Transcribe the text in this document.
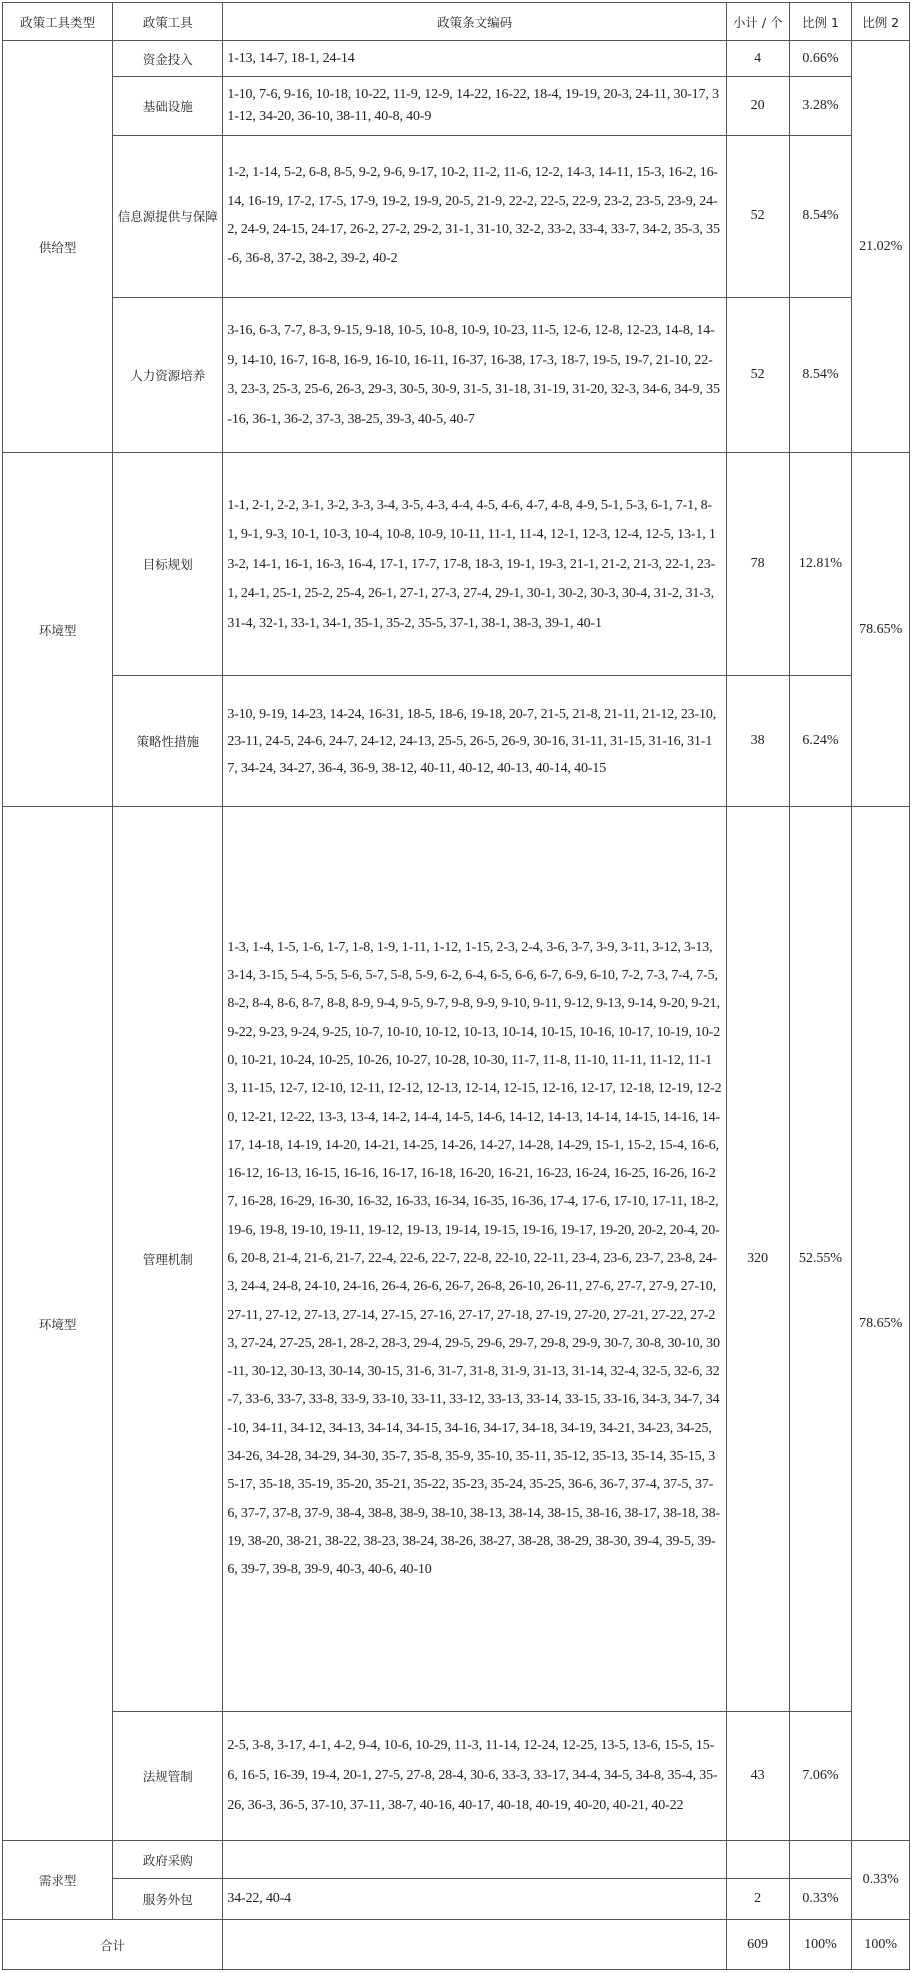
政策工具类型	政策工具	政策条文编码	小计 / 个	比例 1	比例 2
供给型	资金投入	1-13, 14-7, 18-1, 24-14	4	0.66%	21.02%
	基础设施	1-10, 7-6, 9-16, 10-18, 10-22, 11-9, 12-9, 14-22, 16-22, 18-4, 19-19, 20-3, 24-11, 30-17, 31-12, 34-20, 36-10, 38-11, 40-8, 40-9	20	3.28%	
	信息源提供与保障	1-2, 1-14, 5-2, 6-8, 8-5, 9-2, 9-6, 9-17, 10-2, 11-2, 11-6, 12-2, 14-3, 14-11, 15-3, 16-2, 16-14, 16-19, 17-2, 17-5, 17-9, 19-2, 19-9, 20-5, 21-9, 22-2, 22-5, 22-9, 23-2, 23-5, 23-9, 24-2, 24-9, 24-15, 24-17, 26-2, 27-2, 29-2, 31-1, 31-10, 32-2, 33-2, 33-4, 33-7, 34-2, 35-3, 35-6, 36-8, 37-2, 38-2, 39-2, 40-2	52	8.54%	
	人力资源培养	3-16, 6-3, 7-7, 8-3, 9-15, 9-18, 10-5, 10-8, 10-9, 10-23, 11-5, 12-6, 12-8, 12-23, 14-8, 14-9, 14-10, 16-7, 16-8, 16-9, 16-10, 16-11, 16-37, 16-38, 17-3, 18-7, 19-5, 19-7, 21-10, 22-3, 23-3, 25-3, 25-6, 26-3, 29-3, 30-5, 30-9, 31-5, 31-18, 31-19, 31-20, 32-3, 34-6, 34-9, 35-16, 36-1, 36-2, 37-3, 38-25, 39-3, 40-5, 40-7	52	8.54%	
环境型	目标规划	1-1, 2-1, 2-2, 3-1, 3-2, 3-3, 3-4, 3-5, 4-3, 4-4, 4-5, 4-6, 4-7, 4-8, 4-9, 5-1, 5-3, 6-1, 7-1, 8-1, 9-1, 9-3, 10-1, 10-3, 10-4, 10-8, 10-9, 10-11, 11-1, 11-4, 12-1, 12-3, 12-4, 12-5, 13-1, 13-2, 14-1, 16-1, 16-3, 16-4, 17-1, 17-7, 17-8, 18-3, 19-1, 19-3, 21-1, 21-2, 21-3, 22-1, 23-1, 24-1, 25-1, 25-2, 25-4, 26-1, 27-1, 27-3, 27-4, 29-1, 30-1, 30-2, 30-3, 30-4, 31-2, 31-3, 31-4, 32-1, 33-1, 34-1, 35-1, 35-2, 35-5, 37-1, 38-1, 38-3, 39-1, 40-1	78	12.81%	78.65%
	策略性措施	3-10, 9-19, 14-23, 14-24, 16-31, 18-5, 18-6, 19-18, 20-7, 21-5, 21-8, 21-11, 21-12, 23-10, 23-11, 24-5, 24-6, 24-7, 24-12, 24-13, 25-5, 26-5, 26-9, 30-16, 31-11, 31-15, 31-16, 31-17, 34-24, 34-27, 36-4, 36-9, 38-12, 40-11, 40-12, 40-13, 40-14, 40-15	38	6.24%	
环境型	管理机制	1-3, 1-4, 1-5, 1-6, 1-7, 1-8, 1-9, 1-11, 1-12, 1-15, 2-3, 2-4, 3-6, 3-7, 3-9, 3-11, 3-12, 3-13, 3-14, 3-15, 5-4, 5-5, 5-6, 5-7, 5-8, 5-9, 6-2, 6-4, 6-5, 6-6, 6-7, 6-9, 6-10, 7-2, 7-3, 7-4, 7-5, 8-2, 8-4, 8-6, 8-7, 8-8, 8-9, 9-4, 9-5, 9-7, 9-8, 9-9, 9-10, 9-11, 9-12, 9-13, 9-14, 9-20, 9-21, 9-22, 9-23, 9-24, 9-25, 10-7, 10-10, 10-12, 10-13, 10-14, 10-15, 10-16, 10-17, 10-19, 10-20, 10-21, 10-24, 10-25, 10-26, 10-27, 10-28, 10-30, 11-7, 11-8, 11-10, 11-11, 11-12, 11-13, 11-15, 12-7, 12-10, 12-11, 12-12, 12-13, 12-14, 12-15, 12-16, 12-17, 12-18, 12-19, 12-20, 12-21, 12-22, 13-3, 13-4, 14-2, 14-4, 14-5, 14-6, 14-12, 14-13, 14-14, 14-15, 14-16, 14-17, 14-18, 14-19, 14-20, 14-21, 14-25, 14-26, 14-27, 14-28, 14-29, 15-1, 15-2, 15-4, 16-6, 16-12, 16-13, 16-15, 16-16, 16-17, 16-18, 16-20, 16-21, 16-23, 16-24, 16-25, 16-26, 16-27, 16-28, 16-29, 16-30, 16-32, 16-33, 16-34, 16-35, 16-36, 17-4, 17-6, 17-10, 17-11, 18-2, 19-6, 19-8, 19-10, 19-11, 19-12, 19-13, 19-14, 19-15, 19-16, 19-17, 19-20, 20-2, 20-4, 20-6, 20-8, 21-4, 21-6, 21-7, 22-4, 22-6, 22-7, 22-8, 22-10, 22-11, 23-4, 23-6, 23-7, 23-8, 24-3, 24-4, 24-8, 24-10, 24-16, 26-4, 26-6, 26-7, 26-8, 26-10, 26-11, 27-6, 27-7, 27-9, 27-10, 27-11, 27-12, 27-13, 27-14, 27-15, 27-16, 27-17, 27-18, 27-19, 27-20, 27-21, 27-22, 27-23, 27-24, 27-25, 28-1, 28-2, 28-3, 29-4, 29-5, 29-6, 29-7, 29-8, 29-9, 30-7, 30-8, 30-10, 30-11, 30-12, 30-13, 30-14, 30-15, 31-6, 31-7, 31-8, 31-9, 31-13, 31-14, 32-4, 32-5, 32-6, 32-7, 33-6, 33-7, 33-8, 33-9, 33-10, 33-11, 33-12, 33-13, 33-14, 33-15, 33-16, 34-3, 34-7, 34-10, 34-11, 34-12, 34-13, 34-14, 34-15, 34-16, 34-17, 34-18, 34-19, 34-21, 34-23, 34-25, 34-26, 34-28, 34-29, 34-30, 35-7, 35-8, 35-9, 35-10, 35-11, 35-12, 35-13, 35-14, 35-15, 35-17, 35-18, 35-19, 35-20, 35-21, 35-22, 35-23, 35-24, 35-25, 36-6, 36-7, 37-4, 37-5, 37-6, 37-7, 37-8, 37-9, 38-4, 38-8, 38-9, 38-10, 38-13, 38-14, 38-15, 38-16, 38-17, 38-18, 38-19, 38-20, 38-21, 38-22, 38-23, 38-24, 38-26, 38-27, 38-28, 38-29, 38-30, 39-4, 39-5, 39-6, 39-7, 39-8, 39-9, 40-3, 40-6, 40-10	320	52.55%	78.65%
	法规管制	2-5, 3-8, 3-17, 4-1, 4-2, 9-4, 10-6, 10-29, 11-3, 11-14, 12-24, 12-25, 13-5, 13-6, 15-5, 15-6, 16-5, 16-39, 19-4, 20-1, 27-5, 27-8, 28-4, 30-6, 33-3, 33-17, 34-4, 34-5, 34-8, 35-4, 35-26, 36-3, 36-5, 37-10, 37-11, 38-7, 40-16, 40-17, 40-18, 40-19, 40-20, 40-21, 40-22	43	7.06%	
需求型	政府采购				0.33%
	服务外包	34-22, 40-4	2	0.33%	
合计			609	100%	100%
